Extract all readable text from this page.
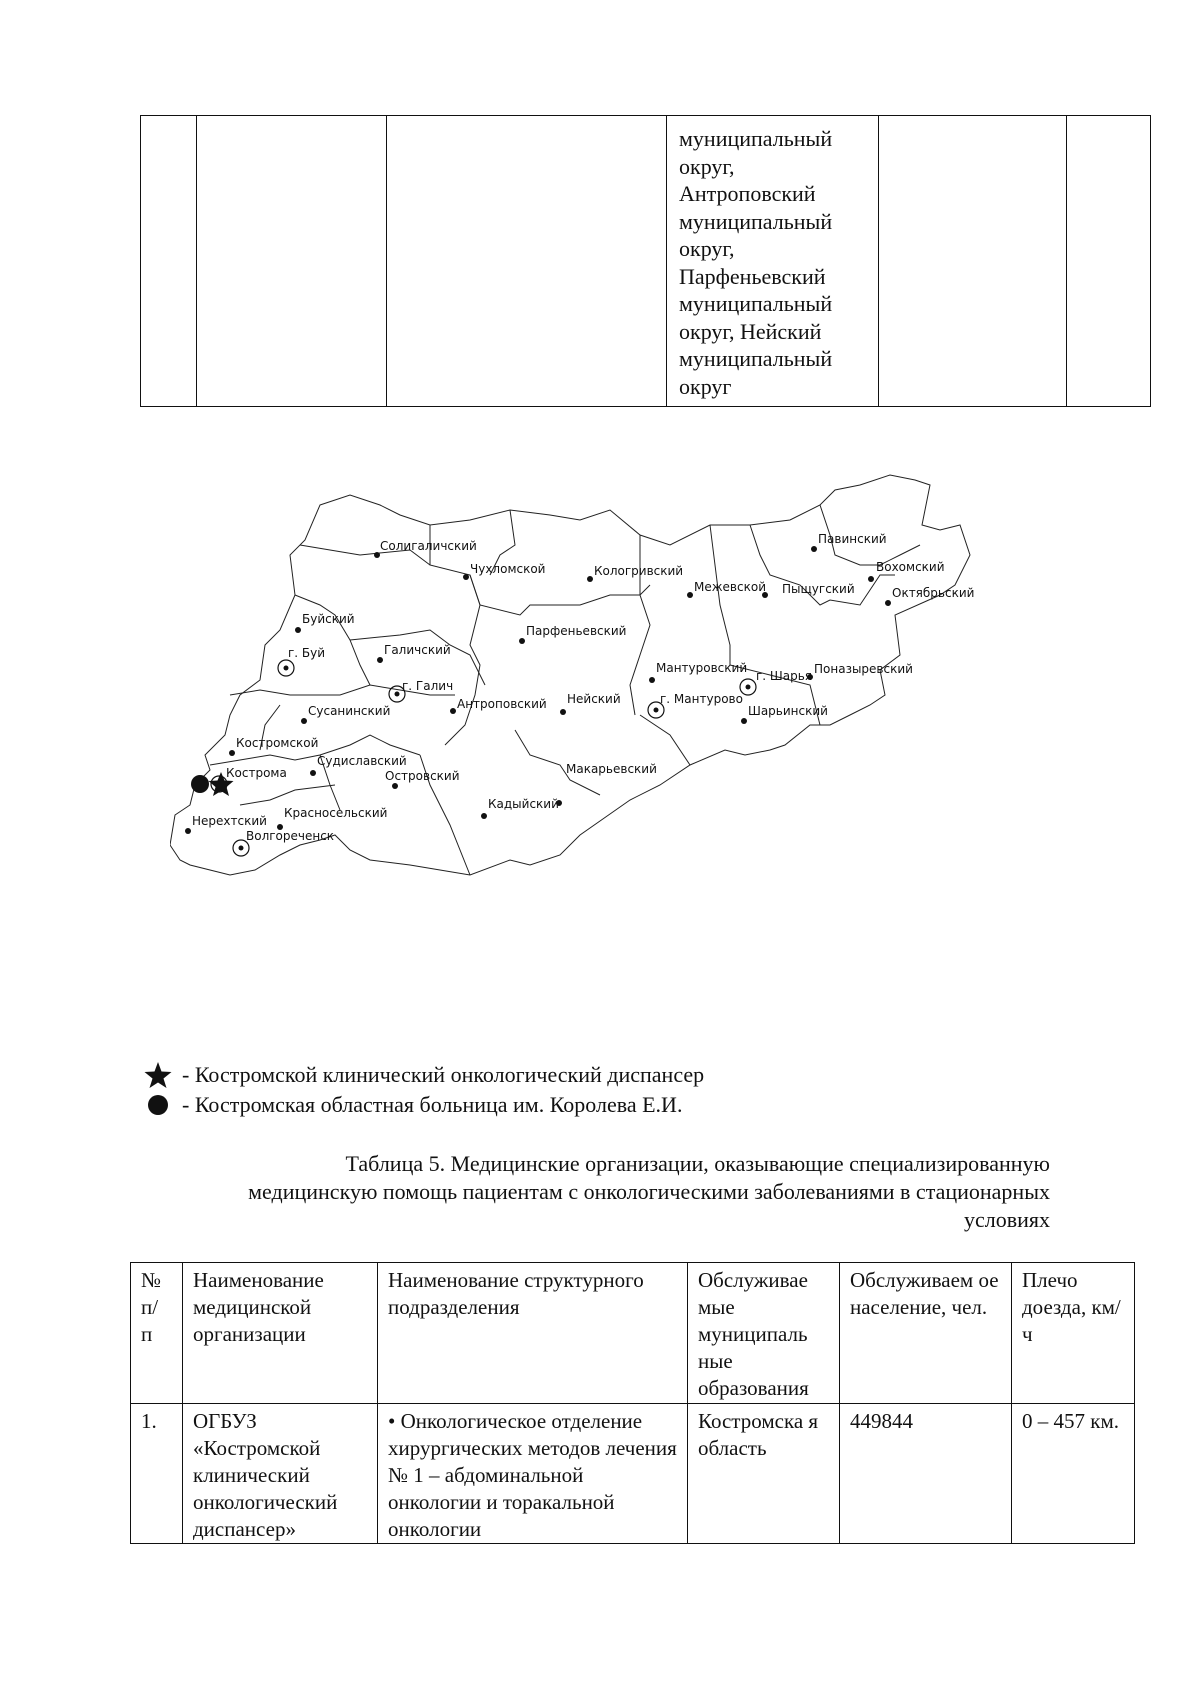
муниципальный
округ,
Антроповский
муниципальный
округ,
Парфеньевский
муниципальный
округ, Нейский
муниципальный
округ

Солигаличский
Чухломской	Кологривский
Межевской Пыщугский
Павинский
Вохомский
Октябрьский
Буйский
г. Буй	Галичский
г. Галич
Парфеньевский
Мантуровский
г. Мантурово
г. Шарья Поназыревский
Шарьинский
Сусанинский	Антроповский Нейский
Костромской
Кострома
Судиславский
Островский	Макарьевский
Кадыйский
Красносельский
Нерехтский
Волгореченск
- Костромской клинический онкологический диспансер
- Костромская областная больница им. Королева Е.И.
Таблица 5. Медицинские организации, оказывающие специализированную
медицинскую помощь пациентам с онкологическими заболеваниями в стационарных
условиях
№ п/ п	Наименование медицинской организации	Наименование структурного подразделения	Обслуживае мые муниципаль ные образования	Обслуживаем ое население, чел.	Плечо доезда, км/ч
1.	ОГБУЗ «Костромской клинический онкологический диспансер»	• Онкологическое отделение хирургических методов лечения № 1 – абдоминальной онкологии и торакальной онкологии	Костромска я область	449844	0 – 457 км.
